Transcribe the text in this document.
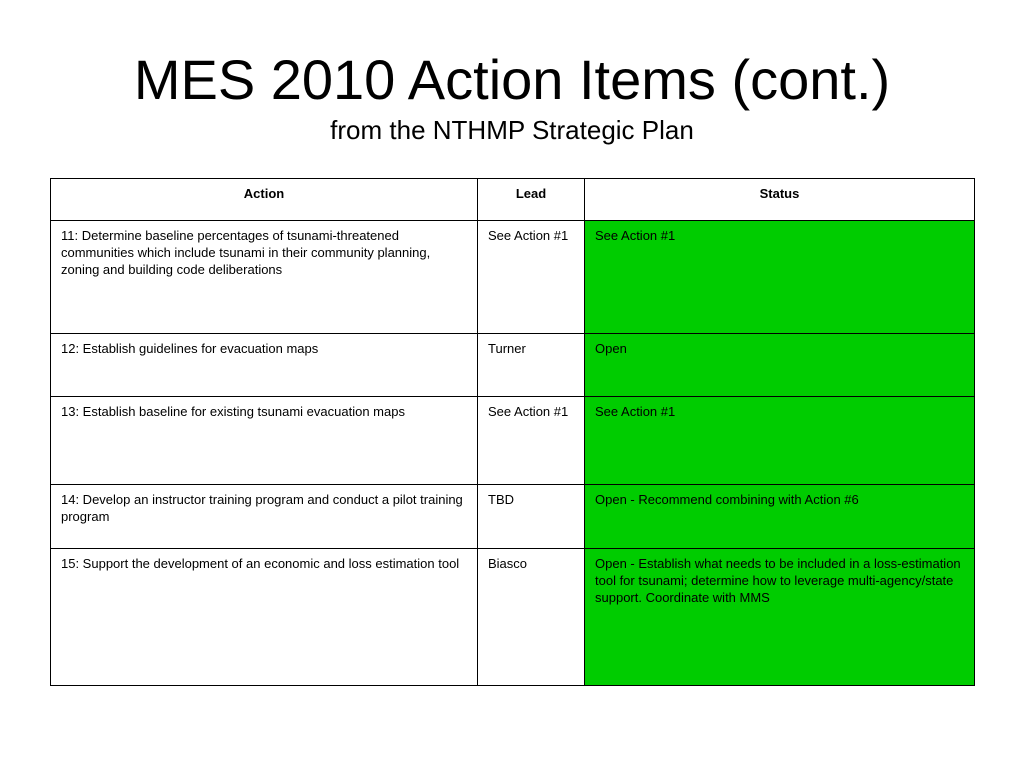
MES 2010 Action Items (cont.)
from the NTHMP Strategic Plan
Action	Lead	Status
11: Determine baseline percentages of tsunami-threatened communities which include tsunami in their community planning, zoning and building code deliberations	See Action #1	See Action #1
12: Establish guidelines for evacuation maps	Turner	Open
13: Establish baseline for existing tsunami evacuation maps	See Action #1	See Action #1
14: Develop an instructor training program and conduct a pilot training program	TBD	Open - Recommend combining with Action #6
15: Support the development of an economic and loss estimation tool	Biasco	Open - Establish what needs to be included in a loss-estimation tool for tsunami; determine how to leverage multi-agency/state support. Coordinate with MMS
